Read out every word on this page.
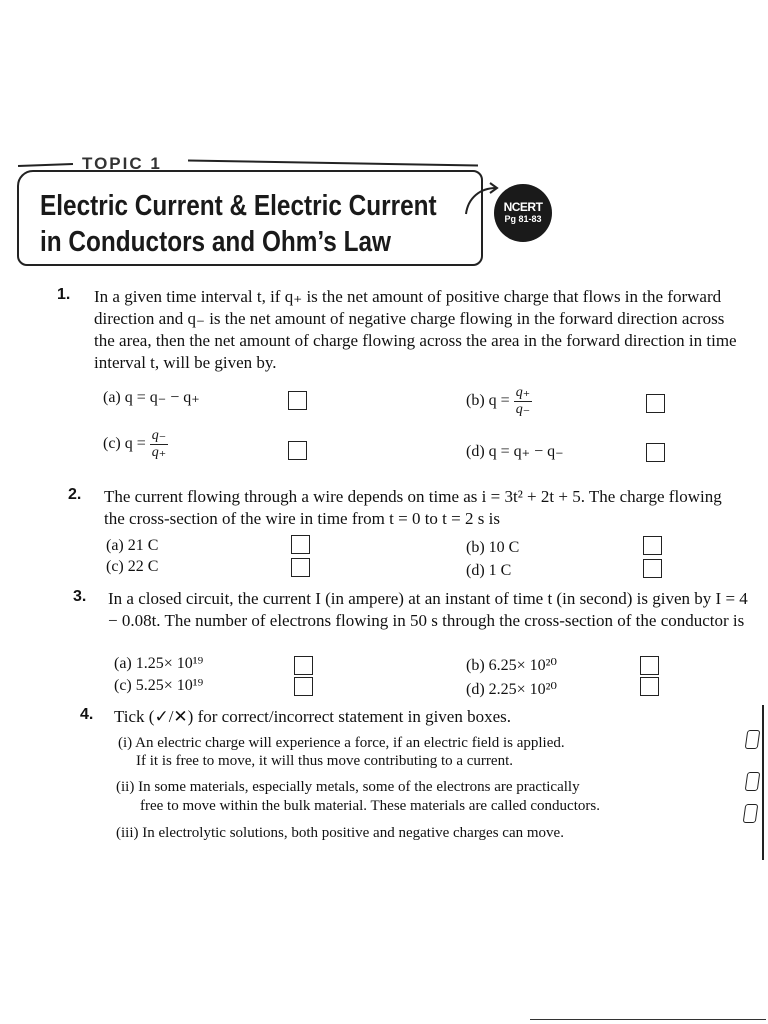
TOPIC 1
Electric Current & Electric Current
in Conductors and Ohm’s Law
NCERT
Pg 81-83
1. In a given time interval t, if q₊ is the net amount of positive charge that flows in the forward direction and q₋ is the net amount of negative charge flowing in the forward direction across the area, then the net amount of charge flowing across the area in the forward direction in time interval t, will be given by.
(a) q = q₋ − q₊	(b) $q = \frac{q_+}{q_-}$
(c) $q = \frac{q_-}{q_+}$	(d) q = q₊ − q₋
2. The current flowing through a wire depends on time as i = 3t² + 2t + 5. The charge flowing the cross-section of the wire in time from t = 0 to t = 2 s is
(a) 21 C	(b) 10 C
(c) 22 C	(d) 1 C
3. In a closed circuit, the current I (in ampere) at an instant of time t (in second) is given by I = 4 − 0.08t. The number of electrons flowing in 50 s through the cross-section of the conductor is
(a) 1.25× 10¹⁹	(b) 6.25× 10²⁰
(c) 5.25× 10¹⁹	(d) 2.25× 10²⁰
4. Tick (✓/✕) for correct/incorrect statement in given boxes.
(i) An electric charge will experience a force, if an electric field is applied.
If it is free to move, it will thus move contributing to a current.
(ii) In some materials, especially metals, some of the electrons are practically
free to move within the bulk material. These materials are called conductors.
(iii) In electrolytic solutions, both positive and negative charges can move.
